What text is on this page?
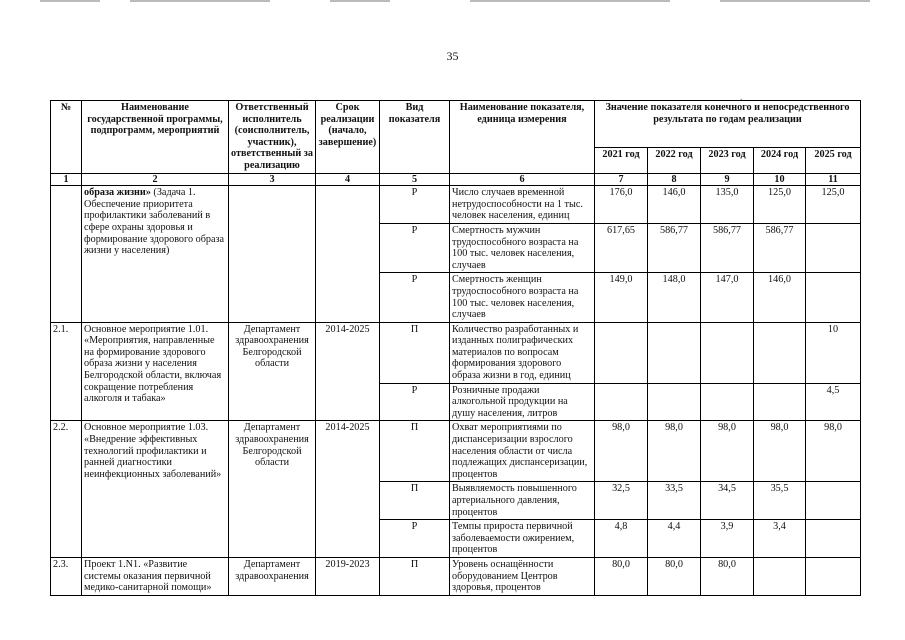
35
.
№	Наименование государственной программы, подпрограмм, мероприятий	Ответственный исполнитель (соисполнитель, участник), ответственный за реализацию	Срок реализации (начало, завершение)	Вид показателя	Наименование показателя, единица измерения	Значение показателя конечного и непосредственного результата по годам реализации				
						2021 год	2022 год	2023 год	2024 год	2025 год
1	2	3	4	5	6	7	8	9	10	11
	образа жизни» (Задача 1. Обеспечение приоритета профилактики заболеваний в сфере охраны здоровья и формирование здорового образа жизни у населения)			Р	Число случаев временной нетрудоспособности на 1 тыс. человек населения, единиц	176,0	146,0	135,0	125,0	125,0
				Р	Смертность мужчин трудоспособного возраста на 100 тыс. человек населения, случаев	617,65	586,77	586,77	586,77	
				Р	Смертность женщин трудоспособного возраста на 100 тыс. человек населения, случаев	149,0	148,0	147,0	146,0	
2.1.	Основное мероприятие 1.01. «Мероприятия, направленные на формирование здорового образа жизни у населения Белгородской области, включая сокращение потребления алкоголя и табака»	Департамент здравоохранения Белгородской области	2014-2025	П	Количество разработанных и изданных полиграфических материалов по вопросам формирования здорового образа жизни в год, единиц					10
				Р	Розничные продажи алкогольной продукции на душу населения, литров					4,5
2.2.	Основное мероприятие 1.03. «Внедрение эффективных технологий профилактики и ранней диагностики неинфекционных заболеваний»	Департамент здравоохранения Белгородской области	2014-2025	П	Охват мероприятиями по диспансеризации взрослого населения области от числа подлежащих диспансеризации, процентов	98,0	98,0	98,0	98,0	98,0
				П	Выявляемость повышенного артериального давления, процентов	32,5	33,5	34,5	35,5	
				Р	Темпы прироста первичной заболеваемости ожирением, процентов	4,8	4,4	3,9	3,4	
2.3.	Проект 1.N1. «Развитие системы оказания первичной медико-санитарной помощи»	Департамент здравоохранения	2019-2023	П	Уровень оснащённости оборудованием Центров здоровья, процентов	80,0	80,0	80,0		
